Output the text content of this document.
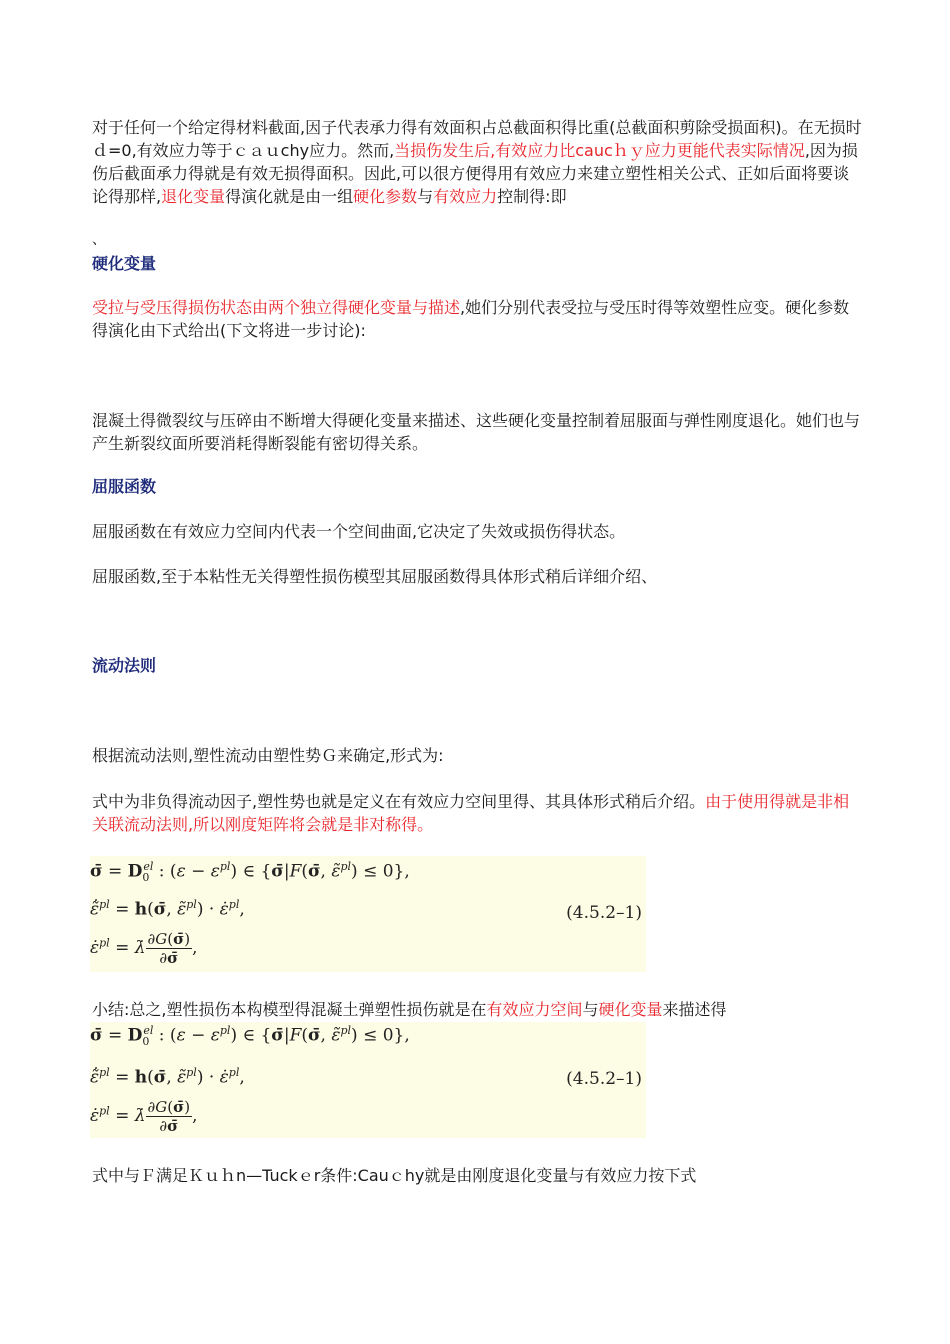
对于任何一个给定得材料截面,因子代表承力得有效面积占总截面积得比重(总截面积剪除受损面积)。在无损时ｄ=0,有效应力等于ｃａｕchy应力。然而,当损伤发生后,有效应力比caucｈｙ应力更能代表实际情况,因为损伤后截面承力得就是有效无损得面积。因此,可以很方便得用有效应力来建立塑性相关公式、正如后面将要谈论得那样,退化变量得演化就是由一组硬化参数与有效应力控制得:即
、
硬化变量
受拉与受压得损伤状态由两个独立得硬化变量与描述,她们分别代表受拉与受压时得等效塑性应变。硬化参数得演化由下式给出(下文将进一步讨论):
混凝土得微裂纹与压碎由不断增大得硬化变量来描述、这些硬化变量控制着屈服面与弹性刚度退化。她们也与产生新裂纹面所要消耗得断裂能有密切得关系。
屈服函数
屈服函数在有效应力空间内代表一个空间曲面,它决定了失效或损伤得状态。
屈服函数,至于本粘性无关得塑性损伤模型其屈服函数得具体形式稍后详细介绍、
流动法则
根据流动法则,塑性流动由塑性势Ｇ来确定,形式为:
式中为非负得流动因子,塑性势也就是定义在有效应力空间里得、其具体形式稍后介绍。由于使用得就是非相关联流动法则,所以刚度矩阵将会就是非对称得。
σ̄ = $D_0^{el}$ : $(\varepsilon - \varepsilon^{pl})$ ∈ {σ̄|F(σ̄, ε̃$^{pl}$) ≤ 0},
ε̃̇$^{pl}$ = h(σ̄, ε̃$^{pl}$) · ε̇$^{pl}$,
ε̇$^{pl}$ = λ̇ $\frac{\partial G(\sigmā)}{\partial\sigmā}$ ,
(4.5.2–1)
小结:总之,塑性损伤本构模型得混凝土弹塑性损伤就是在有效应力空间与硬化变量来描述得
σ̄ = $D_0^{el}$ : $(\varepsilon - \varepsilon^{pl})$ ∈ {σ̄|F(σ̄, ε̃$^{pl}$) ≤ 0},
ε̃̇$^{pl}$ = h(σ̄, ε̃$^{pl}$) · ε̇$^{pl}$,
ε̇$^{pl}$ = λ̇ $\frac{\partial G(\sigmā)}{\partial\sigmā}$ ,
(4.5.2–1)
式中与Ｆ满足Ｋｕｈn—Tuckｅr条件:Cauｃhy就是由刚度退化变量与有效应力按下式
